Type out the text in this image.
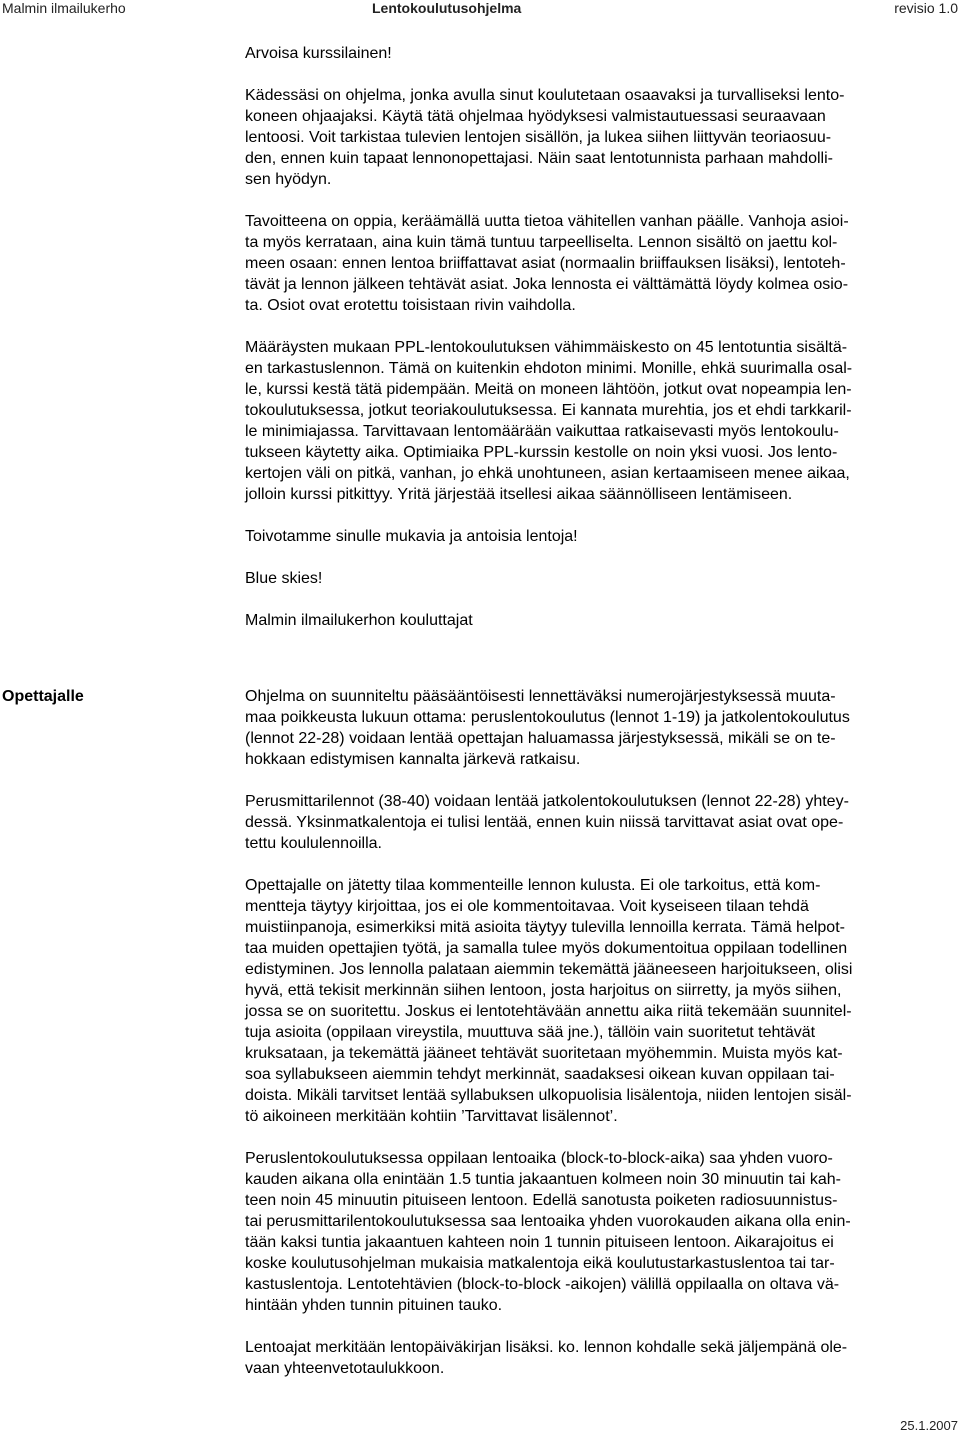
Malmin ilmailukerho	Lentokoulutusohjelma	revisio 1.0

Arvoisa kurssilainen!

Kädessäsi on ohjelma, jonka avulla sinut koulutetaan osaavaksi ja turvalliseksi lento-
koneen ohjaajaksi. Käytä tätä ohjelmaa hyödyksesi valmistautuessasi seuraavaan
lentoosi. Voit tarkistaa tulevien lentojen sisällön, ja lukea siihen liittyvän teoriaosuu-
den, ennen kuin tapaat lennonopettajasi. Näin saat lentotunnista parhaan mahdolli-
sen hyödyn.

Tavoitteena on oppia, keräämällä uutta tietoa vähitellen vanhan päälle. Vanhoja asioi-
ta myös kerrataan, aina kuin tämä tuntuu tarpeelliselta. Lennon sisältö on jaettu kol-
meen osaan: ennen lentoa briiffattavat asiat (normaalin briiffauksen lisäksi), lentoteh-
tävät ja lennon jälkeen tehtävät asiat. Joka lennosta ei välttämättä löydy kolmea osio-
ta. Osiot ovat erotettu toisistaan rivin vaihdolla.

Määräysten mukaan PPL-lentokoulutuksen vähimmäiskesto on 45 lentotuntia sisältä-
en tarkastuslennon. Tämä on kuitenkin ehdoton minimi. Monille, ehkä suurimalla osal-
le, kurssi kestä tätä pidempään. Meitä on moneen lähtöön, jotkut ovat nopeampia len-
tokoulutuksessa, jotkut teoriakoulutuksessa. Ei kannata murehtia, jos et ehdi tarkkaril-
le minimiajassa. Tarvittavaan lentomäärään vaikuttaa ratkaisevasti myös lentokoulu-
tukseen käytetty aika. Optimiaika PPL-kurssin kestolle on noin yksi vuosi. Jos lento-
kertojen väli on pitkä, vanhan, jo ehkä unohtuneen, asian kertaamiseen menee aikaa,
jolloin kurssi pitkittyy. Yritä järjestää itsellesi aikaa säännölliseen lentämiseen.

Toivotamme sinulle mukavia ja antoisia lentoja!

Blue skies!

Malmin ilmailukerhon kouluttajat

Opettajalle	Ohjelma on suunniteltu pääsääntöisesti lennettäväksi numerojärjestyksessä muuta-
maa poikkeusta lukuun ottama: peruslentokoulutus (lennot 1-19) ja jatkolentokoulutus
(lennot 22-28) voidaan lentää opettajan haluamassa järjestyksessä, mikäli se on te-
hokkaan edistymisen kannalta järkevä ratkaisu.

Perusmittarilennot (38-40) voidaan lentää jatkolentokoulutuksen (lennot 22-28) yhtey-
dessä. Yksinmatkalentoja ei tulisi lentää, ennen kuin niissä tarvittavat asiat ovat ope-
tettu koululennoilla.

Opettajalle on jätetty tilaa kommenteille lennon kulusta. Ei ole tarkoitus, että kom-
mentteja täytyy kirjoittaa, jos ei ole kommentoitavaa. Voit kyseiseen tilaan tehdä
muistiinpanoja, esimerkiksi mitä asioita täytyy tulevilla lennoilla kerrata. Tämä helpot-
taa muiden opettajien työtä, ja samalla tulee myös dokumentoitua oppilaan todellinen
edistyminen. Jos lennolla palataan aiemmin tekemättä jääneeseen harjoitukseen, olisi
hyvä, että tekisit merkinnän siihen lentoon, josta harjoitus on siirretty, ja myös siihen,
jossa se on suoritettu. Joskus ei lentotehtävään annettu aika riitä tekemään suunnitel-
tuja asioita (oppilaan vireystila, muuttuva sää jne.), tällöin vain suoritetut tehtävät
kruksataan, ja tekemättä jääneet tehtävät suoritetaan myöhemmin. Muista myös kat-
soa syllabukseen aiemmin tehdyt merkinnät, saadaksesi oikean kuvan oppilaan tai-
doista. Mikäli tarvitset lentää syllabuksen ulkopuolisia lisälentoja, niiden lentojen sisäl-
tö aikoineen merkitään kohtiin ’Tarvittavat lisälennot’.

Peruslentokoulutuksessa oppilaan lentoaika (block-to-block-aika) saa yhden vuoro-
kauden aikana olla enintään 1.5 tuntia jakaantuen kolmeen noin 30 minuutin tai kah-
teen noin 45 minuutin pituiseen lentoon. Edellä sanotusta poiketen radiosuunnistus-
tai perusmittarilentokoulutuksessa saa lentoaika yhden vuorokauden aikana olla enin-
tään kaksi tuntia jakaantuen kahteen noin 1 tunnin pituiseen lentoon. Aikarajoitus ei
koske koulutusohjelman mukaisia matkalentoja eikä koulutustarkastuslentoa tai tar-
kastuslentoja. Lentotehtävien (block-to-block -aikojen) välillä oppilaalla on oltava vä-
hintään yhden tunnin pituinen tauko.

Lentoajat merkitään lentopäiväkirjan lisäksi. ko. lennon kohdalle sekä jäljempänä ole-
vaan yhteenvetotaulukkoon.

25.1.2007
